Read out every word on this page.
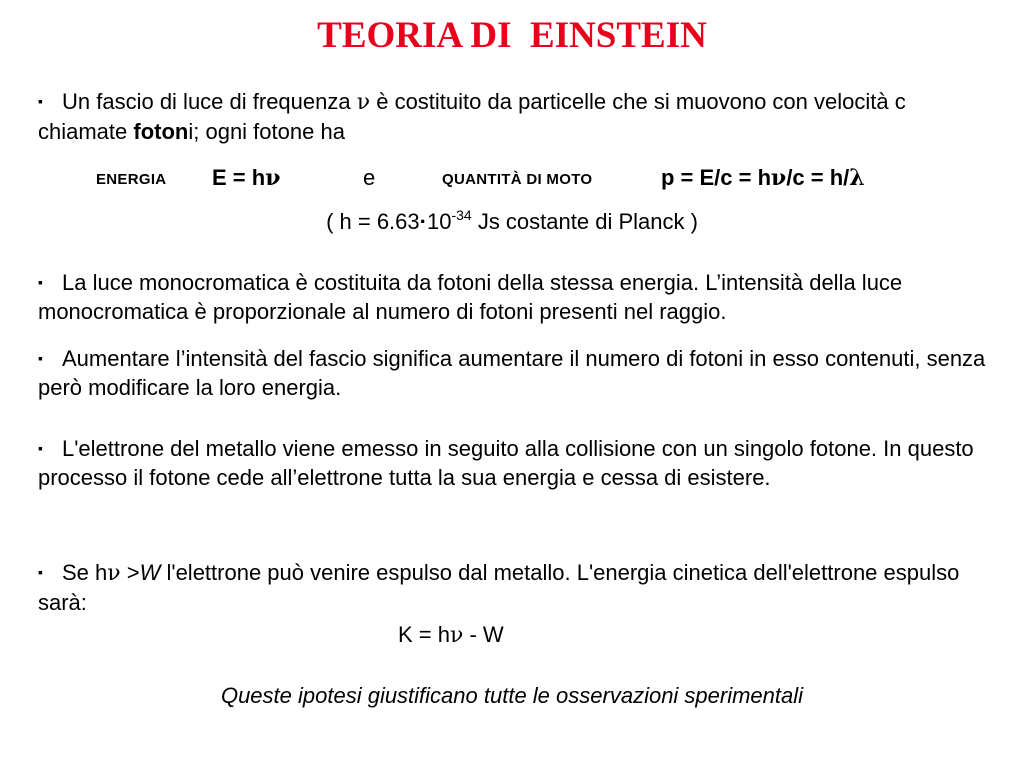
TEORIA DI  EINSTEIN
▪ Un fascio di luce di frequenza ν è costituito da particelle che si muovono con velocità c chiamate fotoni; ogni fotone ha
ENERGIA E = hν	e	QUANTITÀ DI MOTO	p = E/c = hν/c = h/λ
( $h = 6.63\cdot 10^{-34}$ Js costante di Planck )
▪ La luce monocromatica è costituita da fotoni della stessa energia. L’intensità della luce monocromatica è proporzionale al numero di fotoni presenti nel raggio.
▪ Aumentare l’intensità del fascio significa aumentare il numero di fotoni in esso contenuti, senza però modificare la loro energia.
▪ L'elettrone del metallo viene emesso in seguito alla collisione con un singolo fotone. In questo processo il fotone cede all’elettrone tutta la sua energia e cessa di esistere.
▪ Se hν >W l'elettrone può venire espulso dal metallo. L'energia cinetica dell'elettrone espulso sarà:
K = hν - W
Queste ipotesi giustificano tutte le osservazioni sperimentali
